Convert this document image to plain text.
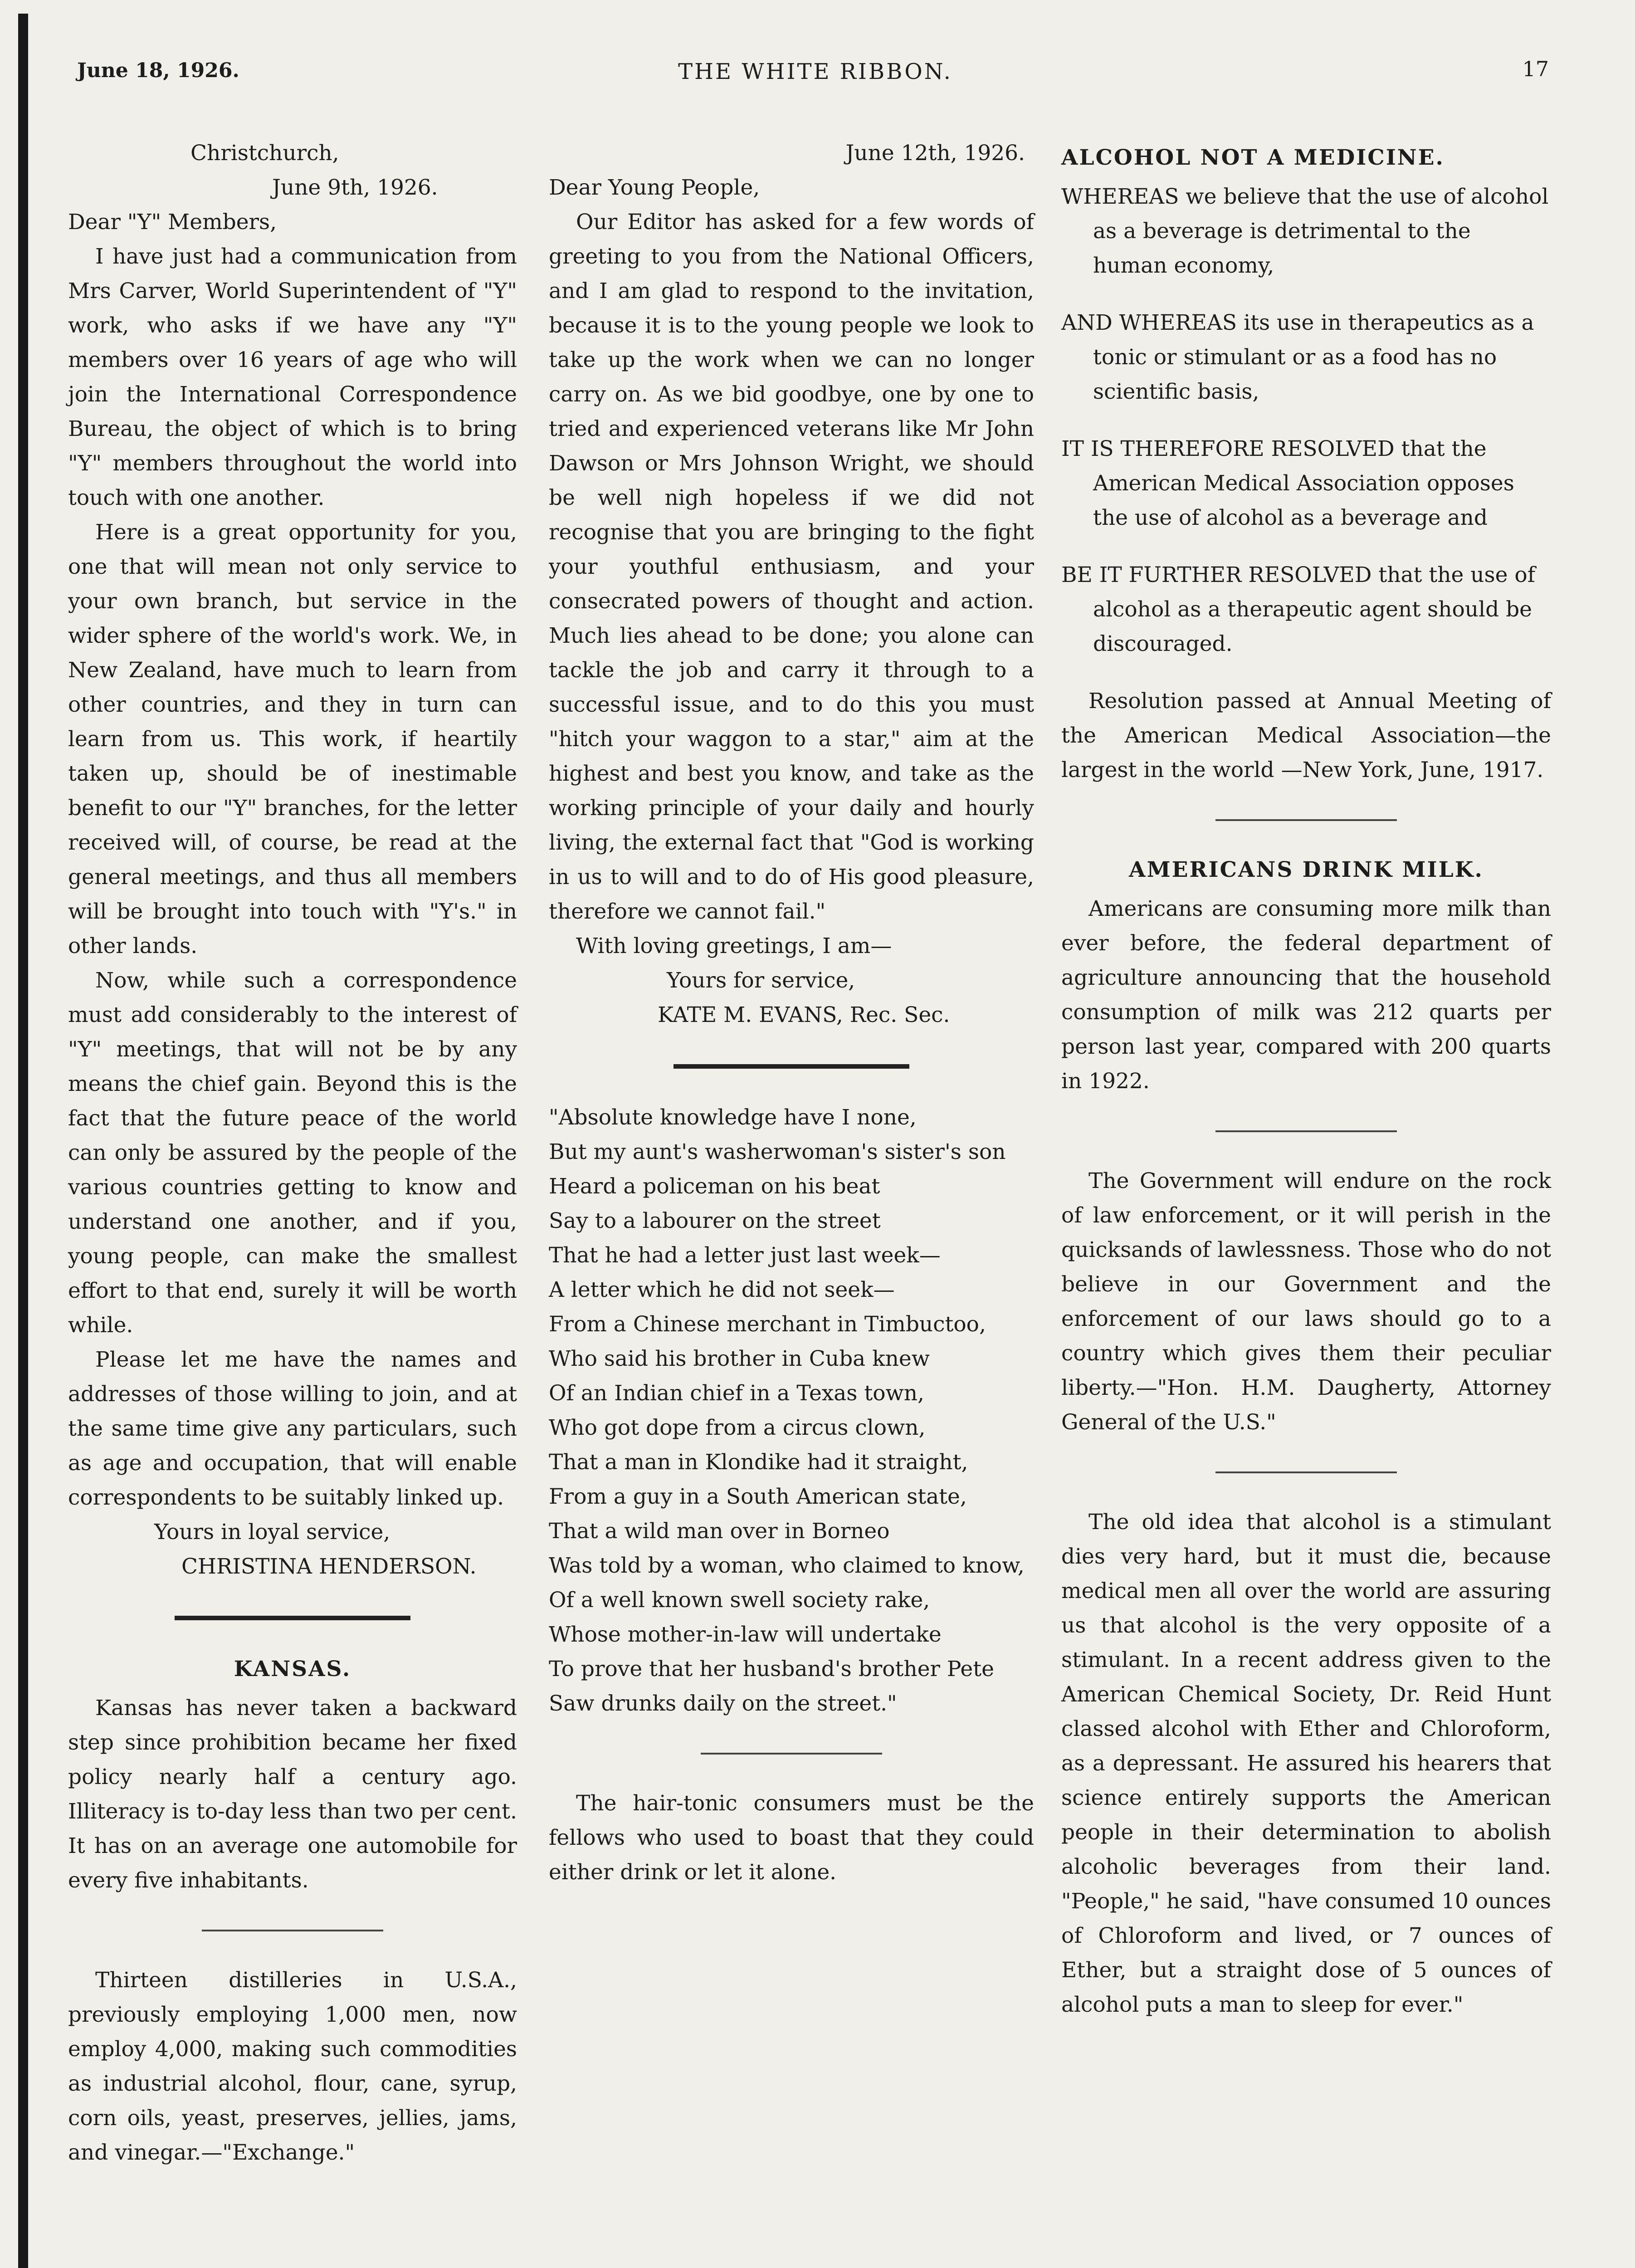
June 18, 1926.	THE WHITE RIBBON.	17

Christchurch,

June 9th, 1926.

Dear "Y" Members,

I have just had a communication from Mrs Carver, World Superintendent of "Y" work, who asks if we have any "Y" members over 16 years of age who will join the International Correspondence Bureau, the object of which is to bring "Y" members throughout the world into touch with one another.

Here is a great opportunity for you, one that will mean not only service to your own branch, but service in the wider sphere of the world's work. We, in New Zealand, have much to learn from other countries, and they in turn can learn from us. This work, if heartily taken up, should be of inestimable benefit to our "Y" branches, for the letter received will, of course, be read at the general meetings, and thus all members will be brought into touch with "Y's." in other lands.

Now, while such a correspondence must add considerably to the interest of "Y" meetings, that will not be by any means the chief gain. Beyond this is the fact that the future peace of the world can only be assured by the people of the various countries getting to know and understand one another, and if you, young people, can make the smallest effort to that end, surely it will be worth while.

Please let me have the names and addresses of those willing to join, and at the same time give any particulars, such as age and occupation, that will enable correspondents to be suitably linked up.

Yours in loyal service,

CHRISTINA HENDERSON.

KANSAS.

Kansas has never taken a backward step since prohibition became her fixed policy nearly half a century ago. Illiteracy is to-day less than two per cent. It has on an average one automobile for every five inhabitants.

Thirteen distilleries in U.S.A., previously employing 1,000 men, now employ 4,000, making such commodities as industrial alcohol, flour, cane, syrup, corn oils, yeast, preserves, jellies, jams, and vinegar.—"Exchange."

June 12th, 1926.

Dear Young People,

Our Editor has asked for a few words of greeting to you from the National Officers, and I am glad to respond to the invitation, because it is to the young people we look to take up the work when we can no longer carry on. As we bid goodbye, one by one to tried and experienced veterans like Mr John Dawson or Mrs Johnson Wright, we should be well nigh hopeless if we did not recognise that you are bringing to the fight your youthful enthusiasm, and your consecrated powers of thought and action. Much lies ahead to be done; you alone can tackle the job and carry it through to a successful issue, and to do this you must "hitch your waggon to a star," aim at the highest and best you know, and take as the working principle of your daily and hourly living, the external fact that "God is working in us to will and to do of His good pleasure, therefore we cannot fail."

With loving greetings, I am—

Yours for service,

KATE M. EVANS, Rec. Sec.

"Absolute knowledge have I none,

But my aunt's washerwoman's sister's son

Heard a policeman on his beat

Say to a labourer on the street

That he had a letter just last week—

A letter which he did not seek—

From a Chinese merchant in Timbuctoo,

Who said his brother in Cuba knew

Of an Indian chief in a Texas town,

Who got dope from a circus clown,

That a man in Klondike had it straight,

From a guy in a South American state,

That a wild man over in Borneo

Was told by a woman, who claimed to know,

Of a well known swell society rake,

Whose mother-in-law will undertake

To prove that her husband's brother Pete

Saw drunks daily on the street."

The hair-tonic consumers must be the fellows who used to boast that they could either drink or let it alone.

ALCOHOL NOT A MEDICINE.

WHEREAS we believe that the use of alcohol as a beverage is detrimental to the human economy,

AND WHEREAS its use in therapeutics as a tonic or stimulant or as a food has no scientific basis,

IT IS THEREFORE RESOLVED that the American Medical Association opposes the use of alcohol as a beverage and

BE IT FURTHER RESOLVED that the use of alcohol as a therapeutic agent should be discouraged.

Resolution passed at Annual Meeting of the American Medical Association—the largest in the world —New York, June, 1917.

AMERICANS DRINK MILK.

Americans are consuming more milk than ever before, the federal department of agriculture announcing that the household consumption of milk was 212 quarts per person last year, compared with 200 quarts in 1922.

The Government will endure on the rock of law enforcement, or it will perish in the quicksands of lawlessness. Those who do not believe in our Government and the enforcement of our laws should go to a country which gives them their peculiar liberty.—"Hon. H.M. Daugherty, Attorney General of the U.S."

The old idea that alcohol is a stimulant dies very hard, but it must die, because medical men all over the world are assuring us that alcohol is the very opposite of a stimulant. In a recent address given to the American Chemical Society, Dr. Reid Hunt classed alcohol with Ether and Chloroform, as a depressant. He assured his hearers that science entirely supports the American people in their determination to abolish alcoholic beverages from their land. "People," he said, "have consumed 10 ounces of Chloroform and lived, or 7 ounces of Ether, but a straight dose of 5 ounces of alcohol puts a man to sleep for ever."
